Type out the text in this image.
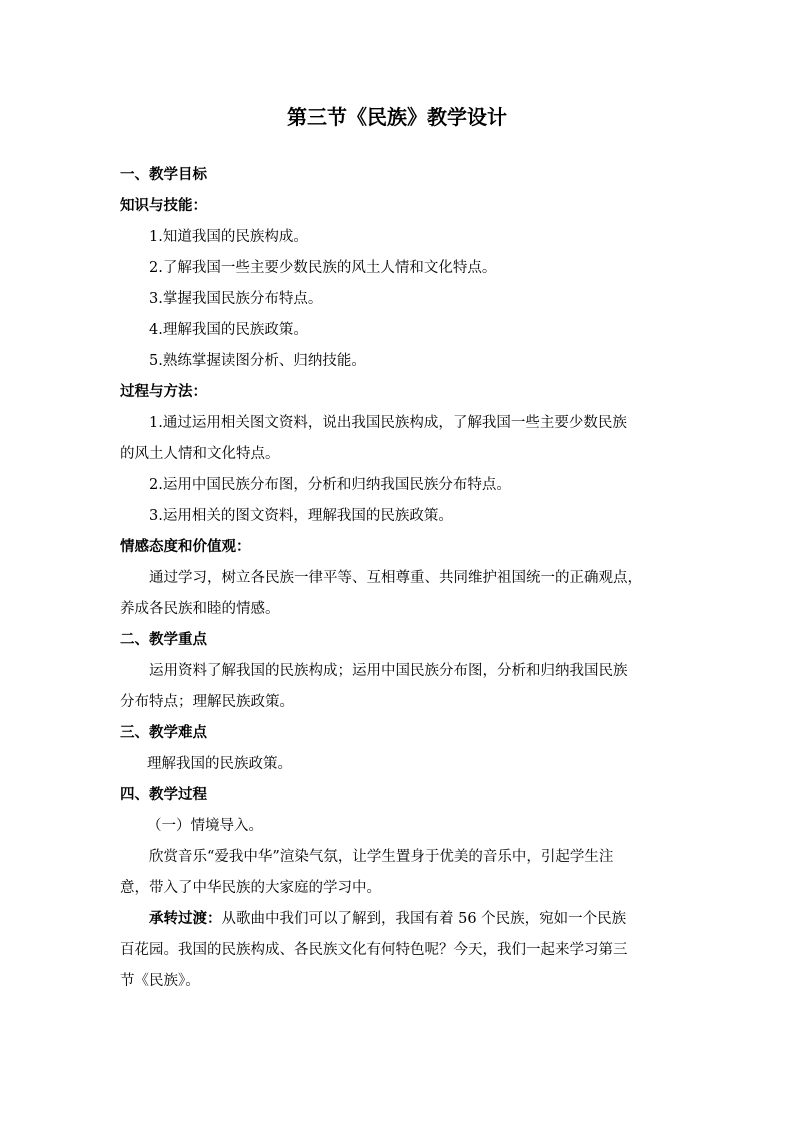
第三节《民族》教学设计
一、教学目标
知识与技能：
1.知道我国的民族构成。
2.了解我国一些主要少数民族的风土人情和文化特点。
3.掌握我国民族分布特点。
4.理解我国的民族政策。
5.熟练掌握读图分析、归纳技能。
过程与方法：
1.通过运用相关图文资料，说出我国民族构成，了解我国一些主要少数民族
的风土人情和文化特点。
2.运用中国民族分布图，分析和归纳我国民族分布特点。
3.运用相关的图文资料，理解我国的民族政策。
情感态度和价值观：
通过学习，树立各民族一律平等、互相尊重、共同维护祖国统一的正确观点，
养成各民族和睦的情感。
二、教学重点
运用资料了解我国的民族构成；运用中国民族分布图，分析和归纳我国民族
分布特点；理解民族政策。
三、教学难点
理解我国的民族政策。
四、教学过程
（一）情境导入。
欣赏音乐“爱我中华”渲染气氛，让学生置身于优美的音乐中，引起学生注
意，带入了中华民族的大家庭的学习中。
承转过渡：从歌曲中我们可以了解到，我国有着 56 个民族，宛如一个民族
百花园。我国的民族构成、各民族文化有何特色呢？今天，我们一起来学习第三
节《民族》。
